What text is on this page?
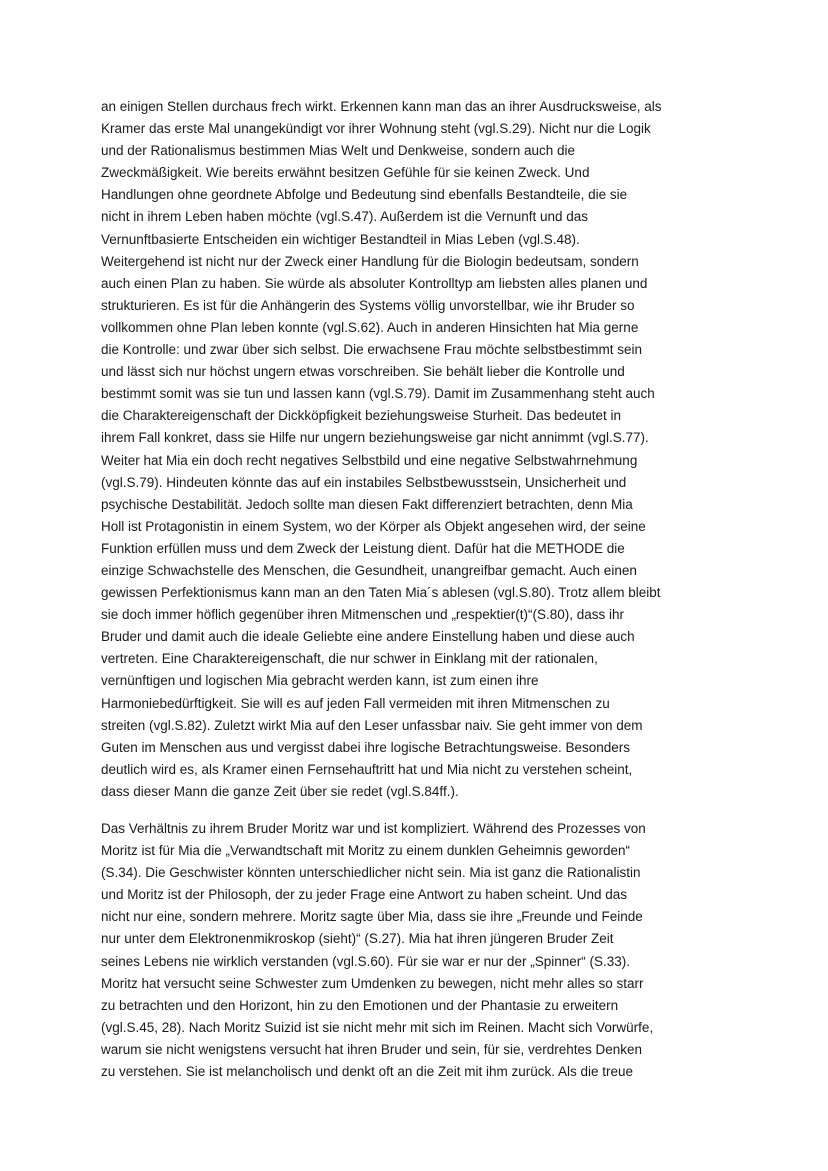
an einigen Stellen durchaus frech wirkt. Erkennen kann man das an ihrer Ausdrucksweise, als
Kramer das erste Mal unangekündigt vor ihrer Wohnung steht (vgl.S.29). Nicht nur die Logik
und der Rationalismus bestimmen Mias Welt und Denkweise, sondern auch die
Zweckmäßigkeit. Wie bereits erwähnt besitzen Gefühle für sie keinen Zweck. Und
Handlungen ohne geordnete Abfolge und Bedeutung sind ebenfalls Bestandteile, die sie
nicht in ihrem Leben haben möchte (vgl.S.47). Außerdem ist die Vernunft und das
Vernunftbasierte Entscheiden ein wichtiger Bestandteil in Mias Leben (vgl.S.48).
Weitergehend ist nicht nur der Zweck einer Handlung für die Biologin bedeutsam, sondern
auch einen Plan zu haben. Sie würde als absoluter Kontrolltyp am liebsten alles planen und
strukturieren. Es ist für die Anhängerin des Systems völlig unvorstellbar, wie ihr Bruder so
vollkommen ohne Plan leben konnte (vgl.S.62). Auch in anderen Hinsichten hat Mia gerne
die Kontrolle: und zwar über sich selbst. Die erwachsene Frau möchte selbstbestimmt sein
und lässt sich nur höchst ungern etwas vorschreiben. Sie behält lieber die Kontrolle und
bestimmt somit was sie tun und lassen kann (vgl.S.79). Damit im Zusammenhang steht auch
die Charaktereigenschaft der Dickköpfigkeit beziehungsweise Sturheit. Das bedeutet in
ihrem Fall konkret, dass sie Hilfe nur ungern beziehungsweise gar nicht annimmt (vgl.S.77).
Weiter hat Mia ein doch recht negatives Selbstbild und eine negative Selbstwahrnehmung
(vgl.S.79). Hindeuten könnte das auf ein instabiles Selbstbewusstsein, Unsicherheit und
psychische Destabilität. Jedoch sollte man diesen Fakt differenziert betrachten, denn Mia
Holl ist Protagonistin in einem System, wo der Körper als Objekt angesehen wird, der seine
Funktion erfüllen muss und dem Zweck der Leistung dient. Dafür hat die METHODE die
einzige Schwachstelle des Menschen, die Gesundheit, unangreifbar gemacht. Auch einen
gewissen Perfektionismus kann man an den Taten Mia´s ablesen (vgl.S.80). Trotz allem bleibt
sie doch immer höflich gegenüber ihren Mitmenschen und „respektier(t)“(S.80), dass ihr
Bruder und damit auch die ideale Geliebte eine andere Einstellung haben und diese auch
vertreten. Eine Charaktereigenschaft, die nur schwer in Einklang mit der rationalen,
vernünftigen und logischen Mia gebracht werden kann, ist zum einen ihre
Harmoniebedürftigkeit. Sie will es auf jeden Fall vermeiden mit ihren Mitmenschen zu
streiten (vgl.S.82). Zuletzt wirkt Mia auf den Leser unfassbar naiv. Sie geht immer von dem
Guten im Menschen aus und vergisst dabei ihre logische Betrachtungsweise. Besonders
deutlich wird es, als Kramer einen Fernsehauftritt hat und Mia nicht zu verstehen scheint,
dass dieser Mann die ganze Zeit über sie redet (vgl.S.84ff.).
Das Verhältnis zu ihrem Bruder Moritz war und ist kompliziert. Während des Prozesses von
Moritz ist für Mia die „Verwandtschaft mit Moritz zu einem dunklen Geheimnis geworden“
(S.34). Die Geschwister könnten unterschiedlicher nicht sein. Mia ist ganz die Rationalistin
und Moritz ist der Philosoph, der zu jeder Frage eine Antwort zu haben scheint. Und das
nicht nur eine, sondern mehrere. Moritz sagte über Mia, dass sie ihre „Freunde und Feinde
nur unter dem Elektronenmikroskop (sieht)“ (S.27). Mia hat ihren jüngeren Bruder Zeit
seines Lebens nie wirklich verstanden (vgl.S.60). Für sie war er nur der „Spinner“ (S.33).
Moritz hat versucht seine Schwester zum Umdenken zu bewegen, nicht mehr alles so starr
zu betrachten und den Horizont, hin zu den Emotionen und der Phantasie zu erweitern
(vgl.S.45, 28). Nach Moritz Suizid ist sie nicht mehr mit sich im Reinen. Macht sich Vorwürfe,
warum sie nicht wenigstens versucht hat ihren Bruder und sein, für sie, verdrehtes Denken
zu verstehen. Sie ist melancholisch und denkt oft an die Zeit mit ihm zurück. Als die treue
